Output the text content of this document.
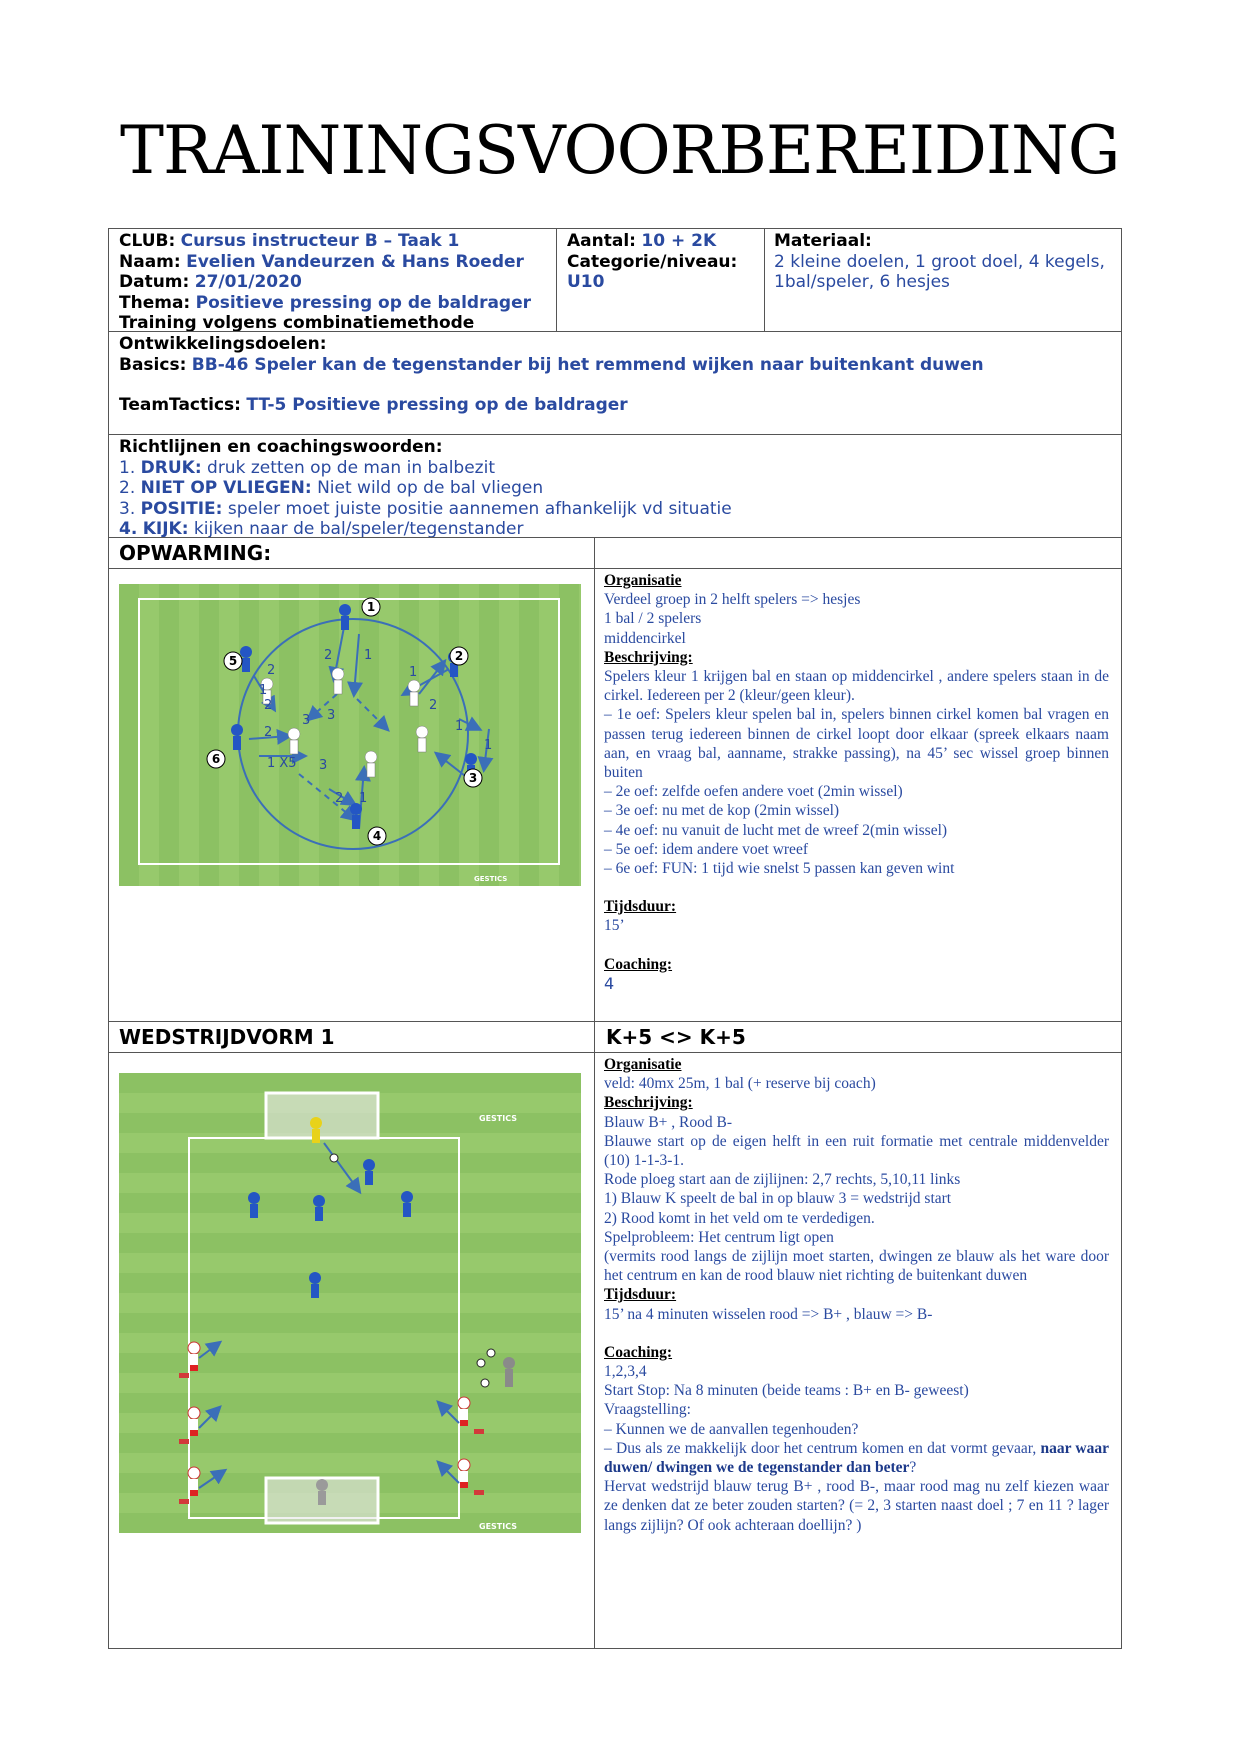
TRAININGSVOORBEREIDING
CLUB: Cursus instructeur B – Taak 1
Naam: Evelien Vandeurzen & Hans Roeder
Datum: 27/01/2020
Thema: Positieve pressing op de baldrager
Training volgens combinatiemethode
Aantal: 10 + 2K
Categorie/niveau:
U10
Materiaal:
2 kleine doelen, 1 groot doel, 4 kegels, 1bal/speler, 6 hesjes
Ontwikkelingsdoelen:
Basics: BB-46 Speler kan de tegenstander bij het remmend wijken naar buitenkant duwen
TeamTactics: TT-5 Positieve pressing op de baldrager
Richtlijnen en coachingswoorden:
1. DRUK: druk zetten op de man in balbezit
2. NIET OP VLIEGEN: Niet wild op de bal vliegen
3. POSITIE: speler moet juiste positie aannemen afhankelijk vd situatie
4. KIJK: kijken naar de bal/speler/tegenstander
OPWARMING:
1
2
3
4
5
6
2 1
2	1
1
3
2
2	1
1 X5 3
3
2 1
1
2
GESTICS
Organisatie
Verdeel groep in 2 helft spelers => hesjes
1 bal / 2 spelers
middencirkel
Beschrijving:
Spelers kleur 1 krijgen bal en staan op middencirkel , andere spelers staan in de cirkel. Iedereen per 2 (kleur/geen kleur).
– 1e oef: Spelers kleur spelen bal in, spelers binnen cirkel komen bal vragen en passen terug iedereen binnen de cirkel loopt door elkaar (spreek elkaars naam aan, en vraag bal, aanname, strakke passing), na 45’ sec wissel groep binnen buiten
– 2e oef: zelfde oefen andere voet (2min wissel)
– 3e oef: nu met de kop (2min wissel)
– 4e oef: nu vanuit de lucht met de wreef 2(min wissel)
– 5e oef: idem andere voet wreef
– 6e oef: FUN: 1 tijd wie snelst 5 passen kan geven wint
Tijdsduur:
15’
Coaching:
4
WEDSTRIJDVORM 1	K+5 <> K+5
GESTICS
GESTICS
Organisatie
veld: 40mx 25m, 1 bal (+ reserve bij coach)
Beschrijving:
Blauw B+ , Rood B-
Blauwe start op de eigen helft in een ruit formatie met centrale middenvelder (10) 1-1-3-1.
Rode ploeg start aan de zijlijnen: 2,7 rechts, 5,10,11 links
1) Blauw K speelt de bal in op blauw 3 = wedstrijd start
2) Rood komt in het veld om te verdedigen.
Spelprobleem: Het centrum ligt open
(vermits rood langs de zijlijn moet starten, dwingen ze blauw als het ware door het centrum en kan de rood blauw niet richting de buitenkant duwen
Tijdsduur:
15’ na 4 minuten wisselen rood => B+ , blauw => B-
Coaching:
1,2,3,4
Start Stop: Na 8 minuten (beide teams : B+ en B- geweest)
Vraagstelling:
– Kunnen we de aanvallen tegenhouden?
– Dus als ze makkelijk door het centrum komen en dat vormt gevaar, naar waar duwen/ dwingen we de tegenstander dan beter?
Hervat wedstrijd blauw terug B+ , rood B-, maar rood mag nu zelf kiezen waar ze denken dat ze beter zouden starten? (= 2, 3 starten naast doel ; 7 en 11 ? lager langs zijlijn? Of ook achteraan doellijn? )
